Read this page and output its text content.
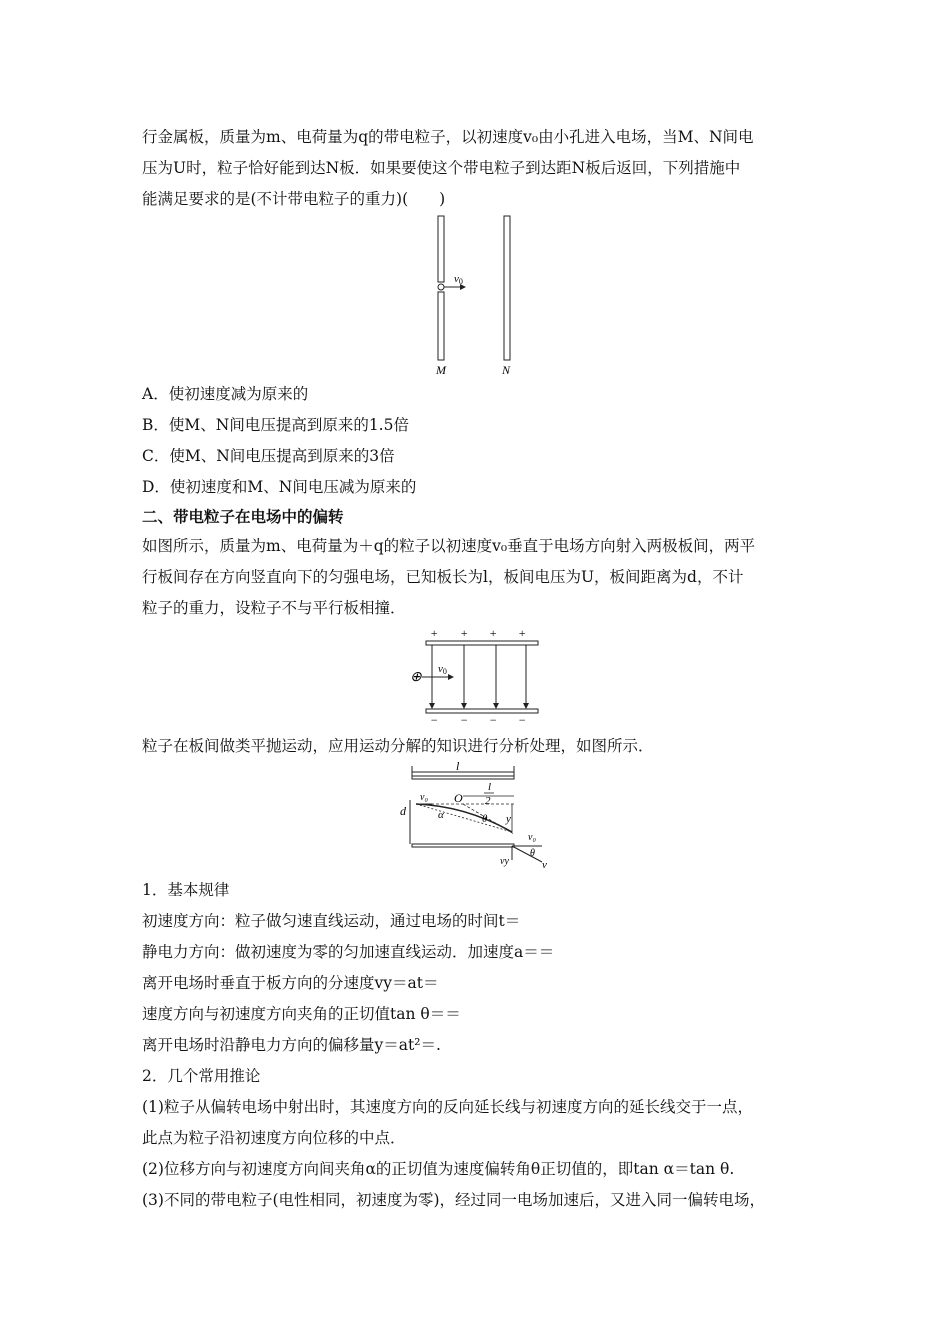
行金属板，质量为m、电荷量为q的带电粒子，以初速度v₀由小孔进入电场，当M、N间电
压为U时，粒子恰好能到达N板．如果要使这个带电粒子到达距N板后返回，下列措施中
能满足要求的是(不计带电粒子的重力)(　　)
v0
M	N
A．使初速度减为原来的
B．使M、N间电压提高到原来的1.5倍
C．使M、N间电压提高到原来的3倍
D．使初速度和M、N间电压减为原来的
二、带电粒子在电场中的偏转
如图所示，质量为m、电荷量为＋q的粒子以初速度v₀垂直于电场方向射入两极板间，两平
行板间存在方向竖直向下的匀强电场，已知板长为l，板间电压为U，板间距离为d，不计
粒子的重力，设粒子不与平行板相撞．
+ + + +
⊕
v0
− − − −
粒子在板间做类平抛运动，应用运动分解的知识进行分析处理，如图所示．
l
d
l
2
O
v₀
α	θ y
v₀
vy
θ
v
1．基本规律
初速度方向：粒子做匀速直线运动，通过电场的时间t＝
静电力方向：做初速度为零的匀加速直线运动．加速度a＝＝
离开电场时垂直于板方向的分速度vy＝at＝
速度方向与初速度方向夹角的正切值tan θ＝＝
离开电场时沿静电力方向的偏移量y＝at²＝.
2．几个常用推论
(1)粒子从偏转电场中射出时，其速度方向的反向延长线与初速度方向的延长线交于一点，
此点为粒子沿初速度方向位移的中点．
(2)位移方向与初速度方向间夹角α的正切值为速度偏转角θ正切值的，即tan α＝tan θ.
(3)不同的带电粒子(电性相同，初速度为零)，经过同一电场加速后，又进入同一偏转电场，
